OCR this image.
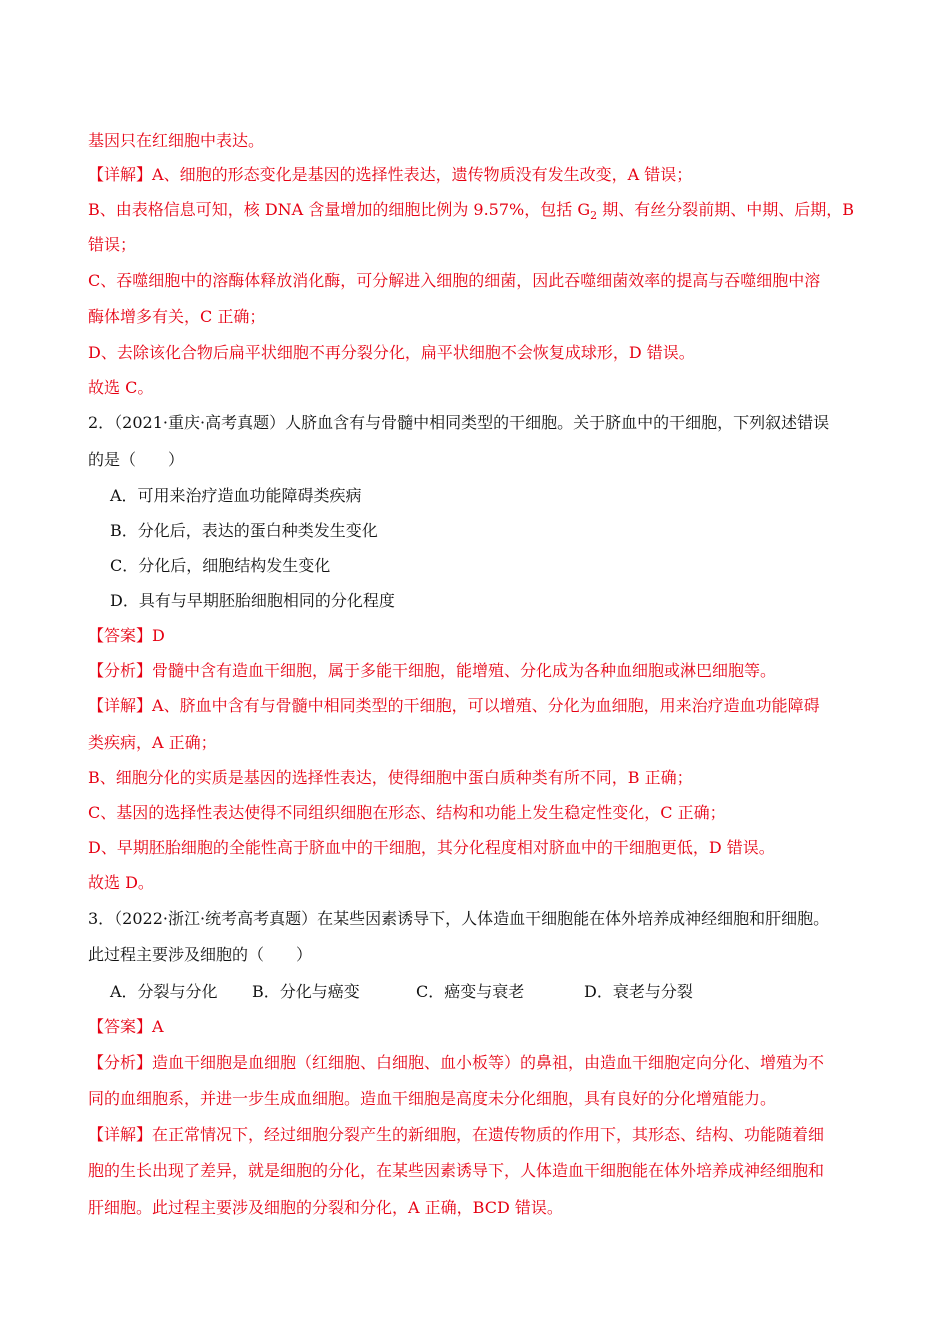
基因只在红细胞中表达。
【详解】A、细胞的形态变化是基因的选择性表达，遗传物质没有发生改变，A 错误；
B、由表格信息可知，核 DNA 含量增加的细胞比例为 9.57%，包括 $G_2$ 期、有丝分裂前期、中期、后期，B
错误；
C、吞噬细胞中的溶酶体释放消化酶，可分解进入细胞的细菌，因此吞噬细菌效率的提高与吞噬细胞中溶
酶体增多有关，C 正确；
D、去除该化合物后扁平状细胞不再分裂分化，扁平状细胞不会恢复成球形，D 错误。
故选 C。
2．（2021·重庆·高考真题）人脐血含有与骨髓中相同类型的干细胞。关于脐血中的干细胞，下列叙述错误
的是（　　）
A．可用来治疗造血功能障碍类疾病
B．分化后，表达的蛋白种类发生变化
C．分化后，细胞结构发生变化
D．具有与早期胚胎细胞相同的分化程度
【答案】D
【分析】骨髓中含有造血干细胞，属于多能干细胞，能增殖、分化成为各种血细胞或淋巴细胞等。
【详解】A、脐血中含有与骨髓中相同类型的干细胞，可以增殖、分化为血细胞，用来治疗造血功能障碍
类疾病，A 正确；
B、细胞分化的实质是基因的选择性表达，使得细胞中蛋白质种类有所不同，B 正确；
C、基因的选择性表达使得不同组织细胞在形态、结构和功能上发生稳定性变化，C 正确；
D、早期胚胎细胞的全能性高于脐血中的干细胞，其分化程度相对脐血中的干细胞更低，D 错误。
故选 D。
3．（2022·浙江·统考高考真题）在某些因素诱导下，人体造血干细胞能在体外培养成神经细胞和肝细胞。
此过程主要涉及细胞的（　　）
A．分裂与分化 B．分化与癌变	C．癌变与衰老	D．衰老与分裂
【答案】A
【分析】造血干细胞是血细胞（红细胞、白细胞、血小板等）的鼻祖，由造血干细胞定向分化、增殖为不
同的血细胞系，并进一步生成血细胞。造血干细胞是高度未分化细胞，具有良好的分化增殖能力。
【详解】在正常情况下，经过细胞分裂产生的新细胞，在遗传物质的作用下，其形态、结构、功能随着细
胞的生长出现了差异，就是细胞的分化，在某些因素诱导下，人体造血干细胞能在体外培养成神经细胞和
肝细胞。此过程主要涉及细胞的分裂和分化，A 正确，BCD 错误。
